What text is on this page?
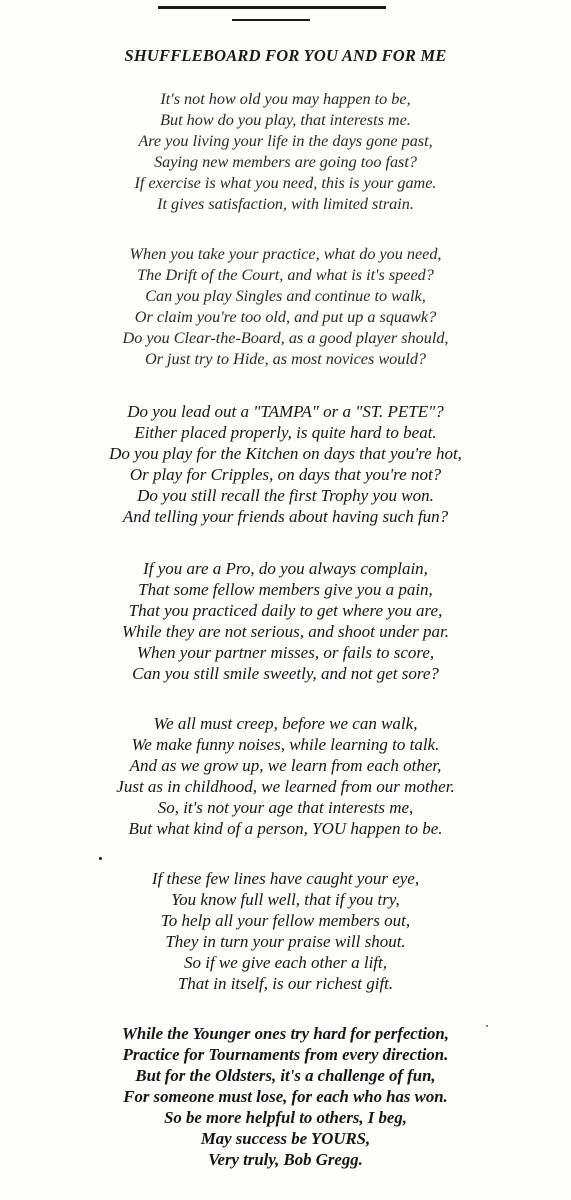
SHUFFLEBOARD FOR YOU AND FOR ME
It's not how old you may happen to be,
But how do you play, that interests me.
Are you living your life in the days gone past,
Saying new members are going too fast?
If exercise is what you need, this is your game.
It gives satisfaction, with limited strain.
When you take your practice, what do you need,
The Drift of the Court, and what is it's speed?
Can you play Singles and continue to walk,
Or claim you're too old, and put up a squawk?
Do you Clear-the-Board, as a good player should,
Or just try to Hide, as most novices would?
Do you lead out a "TAMPA" or a "ST. PETE"?
Either placed properly, is quite hard to beat.
Do you play for the Kitchen on days that you're hot,
Or play for Cripples, on days that you're not?
Do you still recall the first Trophy you won.
And telling your friends about having such fun?
If you are a Pro, do you always complain,
That some fellow members give you a pain,
That you practiced daily to get where you are,
While they are not serious, and shoot under par.
When your partner misses, or fails to score,
Can you still smile sweetly, and not get sore?
We all must creep, before we can walk,
We make funny noises, while learning to talk.
And as we grow up, we learn from each other,
Just as in childhood, we learned from our mother.
So, it's not your age that interests me,
But what kind of a person, YOU happen to be.
If these few lines have caught your eye,
You know full well, that if you try,
To help all your fellow members out,
They in turn your praise will shout.
So if we give each other a lift,
That in itself, is our richest gift.
While the Younger ones try hard for perfection,
Practice for Tournaments from every direction.
But for the Oldsters, it's a challenge of fun,
For someone must lose, for each who has won.
So be more helpful to others, I beg,
May success be YOURS,
Very truly, Bob Gregg.
